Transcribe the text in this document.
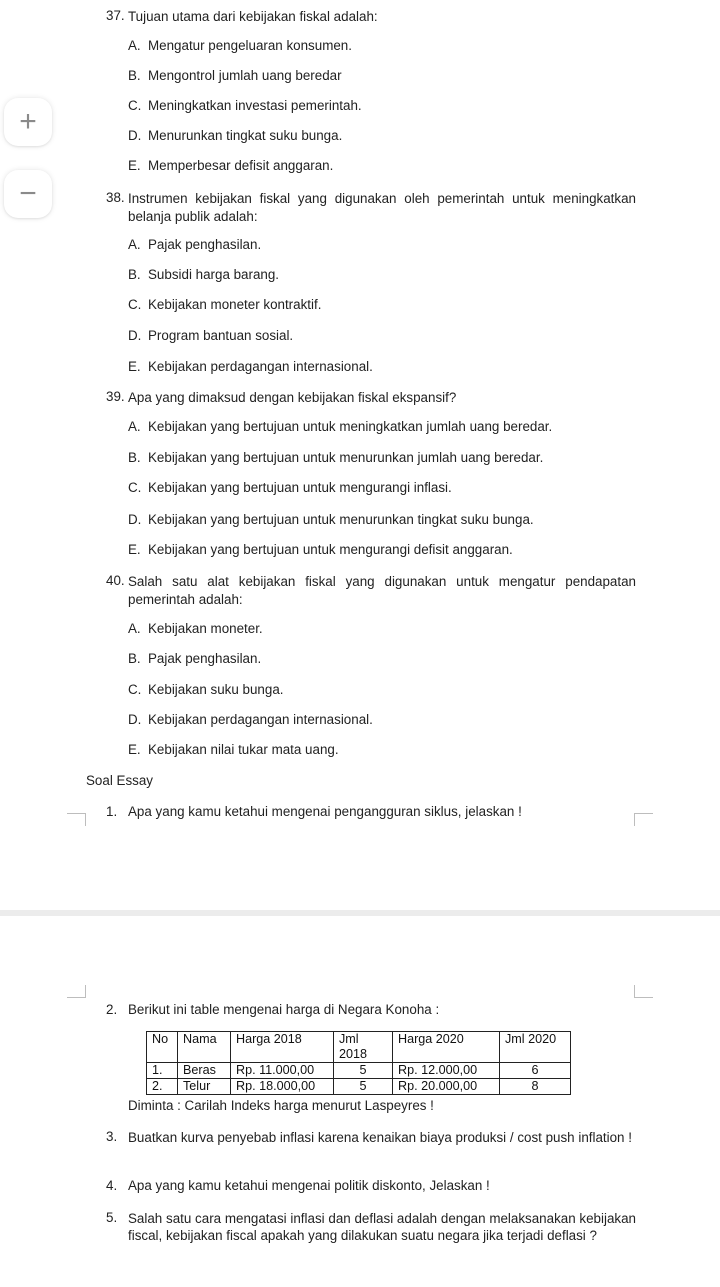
+
−
37. Tujuan utama dari kebijakan fiskal adalah:
A. Mengatur pengeluaran konsumen.
B. Mengontrol jumlah uang beredar
C. Meningkatkan investasi pemerintah.
D. Menurunkan tingkat suku bunga.
E. Memperbesar defisit anggaran.
38. Instrumen kebijakan fiskal yang digunakan oleh pemerintah untuk meningkatkan belanja publik adalah:
A. Pajak penghasilan.
B. Subsidi harga barang.
C. Kebijakan moneter kontraktif.
D. Program bantuan sosial.
E. Kebijakan perdagangan internasional.
39. Apa yang dimaksud dengan kebijakan fiskal ekspansif?
A. Kebijakan yang bertujuan untuk meningkatkan jumlah uang beredar.
B. Kebijakan yang bertujuan untuk menurunkan jumlah uang beredar.
C. Kebijakan yang bertujuan untuk mengurangi inflasi.
D. Kebijakan yang bertujuan untuk menurunkan tingkat suku bunga.
E. Kebijakan yang bertujuan untuk mengurangi defisit anggaran.
40. Salah satu alat kebijakan fiskal yang digunakan untuk mengatur pendapatan pemerintah adalah:
A. Kebijakan moneter.
B. Pajak penghasilan.
C. Kebijakan suku bunga.
D. Kebijakan perdagangan internasional.
E. Kebijakan nilai tukar mata uang.
Soal Essay
1. Apa yang kamu ketahui mengenai pengangguran siklus, jelaskan !
2. Berikut ini table mengenai harga di Negara Konoha :
No	Nama	Harga 2018	Jml 2018	Harga 2020	Jml 2020
1.	Beras	Rp. 11.000,00	5	Rp. 12.000,00	6
2.	Telur	Rp. 18.000,00	5	Rp. 20.000,00	8
Diminta : Carilah Indeks harga menurut Laspeyres !
3. Buatkan kurva penyebab inflasi karena kenaikan biaya produksi / cost push inflation !
4. Apa yang kamu ketahui mengenai politik diskonto, Jelaskan !
5. Salah satu cara mengatasi inflasi dan deflasi adalah dengan melaksanakan kebijakan fiscal, kebijakan fiscal apakah yang dilakukan suatu negara jika terjadi deflasi ?
